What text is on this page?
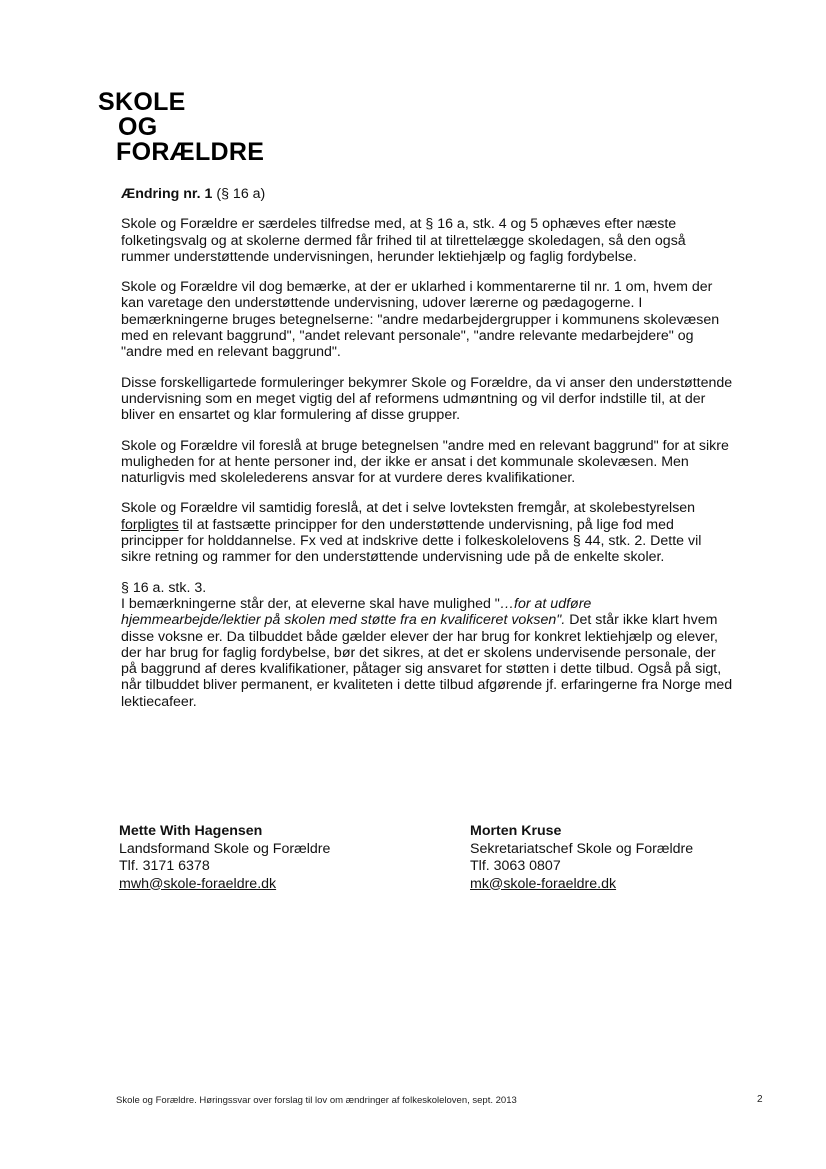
SKOLE
OG
FORÆLDRE

Ændring nr. 1 (§ 16 a)

Skole og Forældre er særdeles tilfredse med, at § 16 a, stk. 4 og 5 ophæves efter næste folketingsvalg og at skolerne dermed får frihed til at tilrettelægge skoledagen, så den også rummer understøttende undervisningen, herunder lektiehjælp og faglig fordybelse.

Skole og Forældre vil dog bemærke, at der er uklarhed i kommentarerne til nr. 1 om, hvem der kan varetage den understøttende undervisning, udover lærerne og pædagogerne. I bemærkningerne bruges betegnelserne: "andre medarbejdergrupper i kommunens skolevæsen med en relevant baggrund", "andet relevant personale", "andre relevante medarbejdere" og "andre med en relevant baggrund".

Disse forskelligartede formuleringer bekymrer Skole og Forældre, da vi anser den understøttende undervisning som en meget vigtig del af reformens udmøntning og vil derfor indstille til, at der bliver en ensartet og klar formulering af disse grupper.

Skole og Forældre vil foreslå at bruge betegnelsen "andre med en relevant baggrund" for at sikre muligheden for at hente personer ind, der ikke er ansat i det kommunale skolevæsen. Men naturligvis med skolelederens ansvar for at vurdere deres kvalifikationer.

Skole og Forældre vil samtidig foreslå, at det i selve lovteksten fremgår, at skolebestyrelsen forpligtes til at fastsætte principper for den understøttende undervisning, på lige fod med principper for holddannelse. Fx ved at indskrive dette i folkeskolelovens § 44, stk. 2. Dette vil sikre retning og rammer for den understøttende undervisning ude på de enkelte skoler.

§ 16 a. stk. 3.
I bemærkningerne står der, at eleverne skal have mulighed "…for at udføre hjemmearbejde/lektier på skolen med støtte fra en kvalificeret voksen". Det står ikke klart hvem disse voksne er. Da tilbuddet både gælder elever der har brug for konkret lektiehjælp og elever, der har brug for faglig fordybelse, bør det sikres, at det er skolens undervisende personale, der på baggrund af deres kvalifikationer, påtager sig ansvaret for støtten i dette tilbud. Også på sigt, når tilbuddet bliver permanent, er kvaliteten i dette tilbud afgørende jf. erfaringerne fra Norge med lektiecafeer.

Mette With Hagensen
Landsformand Skole og Forældre
Tlf. 3171 6378
mwh@skole-foraeldre.dk
Morten Kruse
Sekretariatschef Skole og Forældre
Tlf. 3063 0807
mk@skole-foraeldre.dk
Skole og Forældre. Høringssvar over forslag til lov om ændringer af folkeskoleloven, sept. 2013	2
